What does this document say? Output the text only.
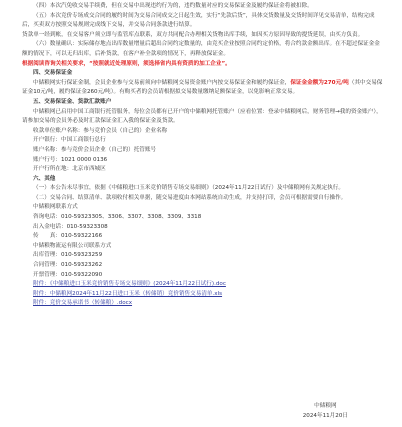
（四）本次汽免收交易手续费，但在交易中出现违约行为的，违约数量对应的交易保证金及履约保证金将被扣除。

（五）本次竞价专场成交合同的履约时间为交易合同成交之日起生效，实行“先款后货”，具体交货数量及交货时间详见交易清单，结构完成后，买卖双方按照交易规则完成线下交易，并交易合同条款进行结算。

货款单一经到帐，在交易客户须立即与监管库点联系，双方共同配合办理相关货物出库手续，如因买方原因导致的提货延误，由买方负责。

（六）数量确认：实际储存地点出库数量增量后超出合同约定数量的，由竞买企业按照合同约定价格，将合约款金额出库。在不超过保证金金额的情况下，可以无归出库，后补货款，在客户补全款项的情况下，再释放保证金。

根据阅读咨询关相关要求，“按照就近处理原则，须选择省内具有资质的加工企业”。

四、交易保证金

中储粮网实行保证金制，会员企业参与交易前须向中储粮网交易资金账户内按交易保证金和履约保证金，保证金金额为270元/吨（其中交易保证金10元/吨，履约保证金260元/吨）。有购买者的会员请根据拟交易数量缴纳足额保证金，以免影响正常交易。

五、交易保证金、货款汇款账户

中储粮网已启用中国工商银行托管服务，每位会员都有已开户的中储粮网托管账户（应看位置：登录中储粮网后，财务管理→我的资金账户），请参加交易的会员务必及时汇款保证金汇入我的保证金及货款。

收款单位账户名称：参与竞价会员（自己的）企业名称

开户银行：中国工商银行总行

账户名称：参与竞价会员企业（自己的）托管账号

账户行号：1021 0000 0136

开户行所在地：北京市西城区

六、其他

（一）本公告未尽事宜，依据《中储粮进口玉米竞价销售专场交易细则》（2024年11月22日试行）及中储粮网有关规定执行。

（二）交易合同、结算清单、款项收付相关单据，随交易进度由本网站系统自动生成，并支持打印，会员可根据需要自行操作。

中储粮网联系方式

咨询电话：010-59323305、3306、3307、3308、3309、3318

出入金电话：010-59323308

传　　真：010-59322166

中储粮物流运有限公司联系方式

出库管理：010-59323259

合同管理：010-59323262

开票管理：010-59322090

附件：《中储粮进口玉米竞价销售专场交易细则》(2024年11月22日试行).doc

附件：中储粮网2024年11月22日进口玉米（转储销）竞价销售交易清单.xls

附件：竞价交易承诺书（转储粮）.docx

中储粮网

2024年11月20日
